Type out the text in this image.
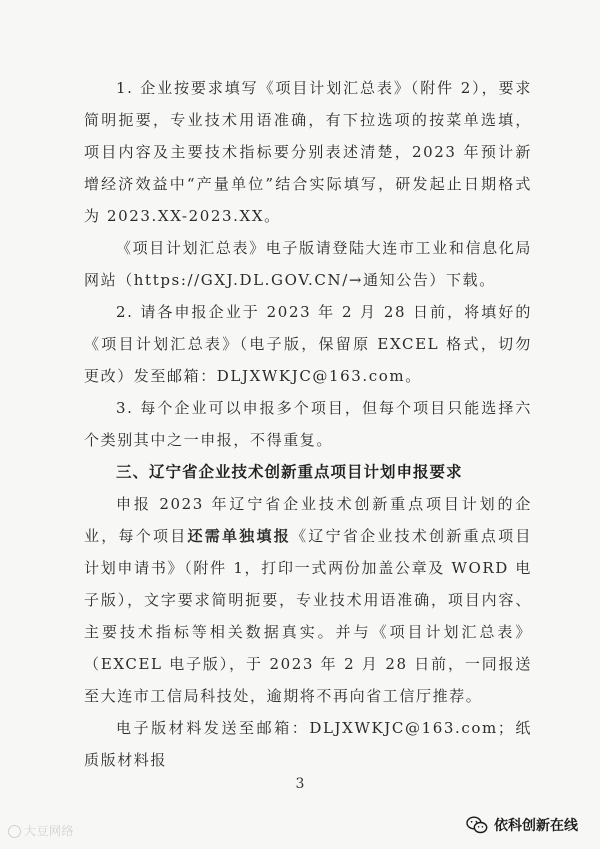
1. 企业按要求填写《项目计划汇总表》（附件 2），要求简明扼要，专业技术用语准确，有下拉选项的按菜单选填，项目内容及主要技术指标要分别表述清楚，2023 年预计新增经济效益中“产量单位”结合实际填写，研发起止日期格式为 2023.XX-2023.XX。

《项目计划汇总表》电子版请登陆大连市工业和信息化局网站（https://GXJ.DL.GOV.CN/→通知公告）下载。

2. 请各申报企业于 2023 年 2 月 28 日前，将填好的《项目计划汇总表》（电子版，保留原 EXCEL 格式，切勿更改）发至邮箱：DLJXWKJC@163.com。

3. 每个企业可以申报多个项目，但每个项目只能选择六个类别其中之一申报，不得重复。

三、辽宁省企业技术创新重点项目计划申报要求

申报 2023 年辽宁省企业技术创新重点项目计划的企业，每个项目还需单独填报《辽宁省企业技术创新重点项目计划申请书》（附件 1，打印一式两份加盖公章及 WORD 电子版），文字要求简明扼要，专业技术用语准确，项目内容、主要技术指标等相关数据真实。并与《项目计划汇总表》（EXCEL 电子版），于 2023 年 2 月 28 日前，一同报送至大连市工信局科技处，逾期将不再向省工信厅推荐。

电子版材料发送至邮箱：DLJXWKJC@163.com；纸质版材料报

3
大豆网络	依科创新在线
